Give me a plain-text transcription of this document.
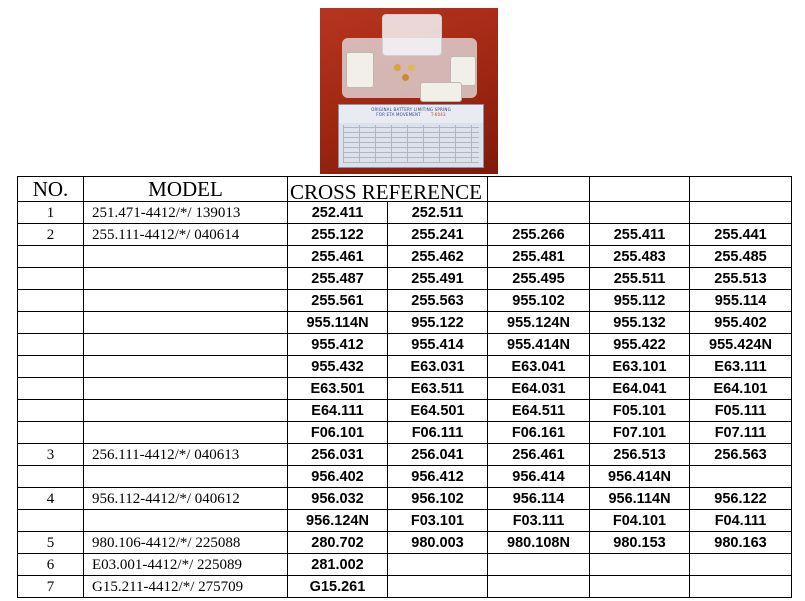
ORIGINAL BATTERY LIMITING SPRING
FOR ETA MOVEMENT	T-6043
NO.	MODEL	CROSS REFERENCE				

1	251.471-4412/*/ 139013	252.411	252.511			
2	255.111-4412/*/ 040614	255.122	255.241	255.266	255.411	255.441
		255.461	255.462	255.481	255.483	255.485
		255.487	255.491	255.495	255.511	255.513
		255.561	255.563	955.102	955.112	955.114
		955.114N	955.122	955.124N	955.132	955.402
		955.412	955.414	955.414N	955.422	955.424N
		955.432	E63.031	E63.041	E63.101	E63.111
		E63.501	E63.511	E64.031	E64.041	E64.101
		E64.111	E64.501	E64.511	F05.101	F05.111
		F06.101	F06.111	F06.161	F07.101	F07.111
3	256.111-4412/*/ 040613	256.031	256.041	256.461	256.513	256.563
		956.402	956.412	956.414	956.414N	
4	956.112-4412/*/ 040612	956.032	956.102	956.114	956.114N	956.122
		956.124N	F03.101	F03.111	F04.101	F04.111
5	980.106-4412/*/ 225088	280.702	980.003	980.108N	980.153	980.163
6	E03.001-4412/*/ 225089	281.002				
7	G15.211-4412/*/ 275709	G15.261				
